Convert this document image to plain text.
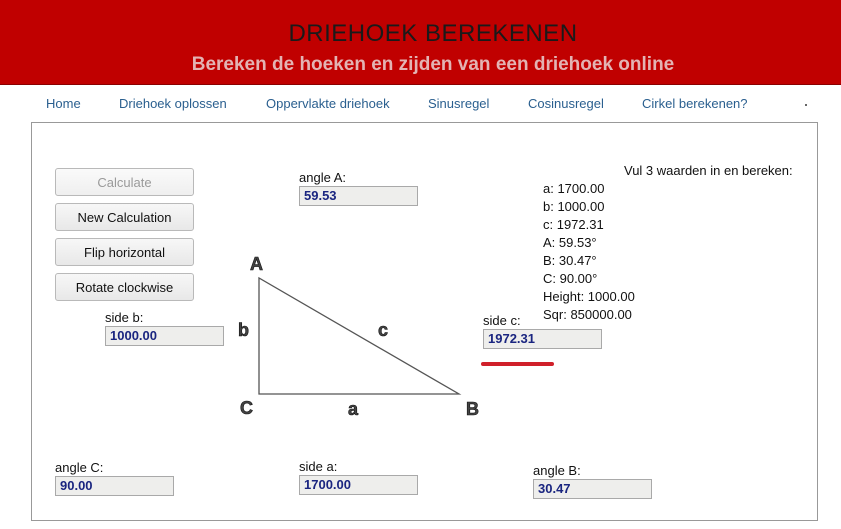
DRIEHOEK BEREKENEN
Bereken de hoeken en zijden van een driehoek online
Home	Driehoek oplossen	Oppervlakte driehoek	Sinusregel	Cosinusregel	Cirkel berekenen?
Calculate
New Calculation
Flip horizontal
Rotate clockwise
angle A:
59.53
side b:
1000.00
side c:
1972.31
angle C:
90.00
side a:
1700.00
angle B:
30.47
A
B
C	a
b	c
Vul 3 waarden in en bereken:
a: 1700.00
b: 1000.00
c: 1972.31
A: 59.53°
B: 30.47°
C: 90.00°
Height: 1000.00
Sqr: 850000.00
